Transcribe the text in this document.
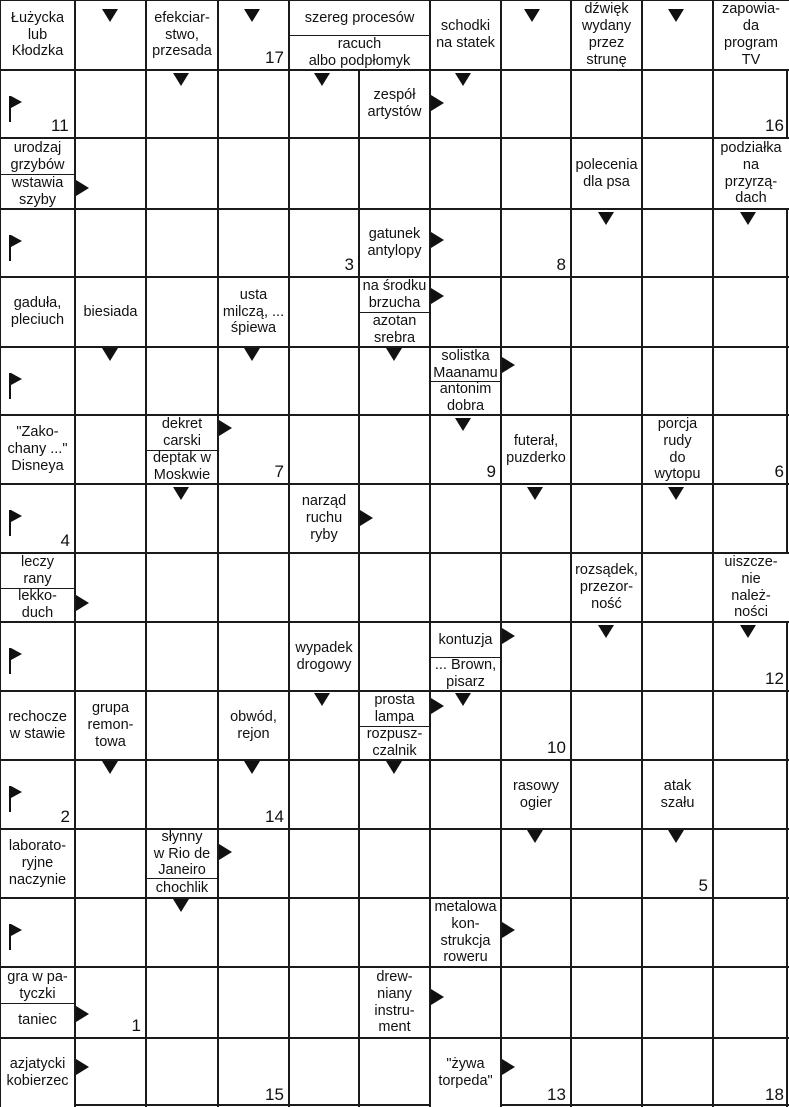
Łużycka
lub
Kłodzka
efekciar-
stwo,
przesada
szereg procesów
racuch
albo podpłomyk
schodki
na statek
dźwięk
wydany
przez
strunę
zapowia-
da
program
TV
zespół
artystów
urodzaj
grzybów
wstawia
szyby
polecenia
dla psa
podziałka
na
przyrzą-
dach
gatunek
antylopy
gaduła,
pleciuch
biesiada
usta
milczą, ...
śpiewa
na środku
brzucha
azotan
srebra
solistka
Maanamu
antonim
dobra
"Zako-
chany ..."
Disneya
dekret
carski
deptak w
Moskwie
futerał,
puzderko
porcja
rudy
do
wytopu
narząd
ruchu
ryby
leczy
rany
lekko-
duch
rozsądek,
przezor-
ność
uiszcze-
nie
należ-
ności
wypadek
drogowy
kontuzja
... Brown,
pisarz
rechocze
w stawie
grupa
remon-
towa
obwód,
rejon
prosta
lampa
rozpusz-
czalnik
rasowy
ogier
atak
szału
laborato-
ryjne
naczynie
słynny
w Rio de
Janeiro
chochlik
metalowa
kon-
strukcja
roweru
gra w pa-
tyczki
taniec
drew-
niany
instru-
ment
azjatycki
kobierzec
"żywa
torpeda"
17
11	16
3	8
9
7	6
4
12
10
2	14
5
1
15	13	18
